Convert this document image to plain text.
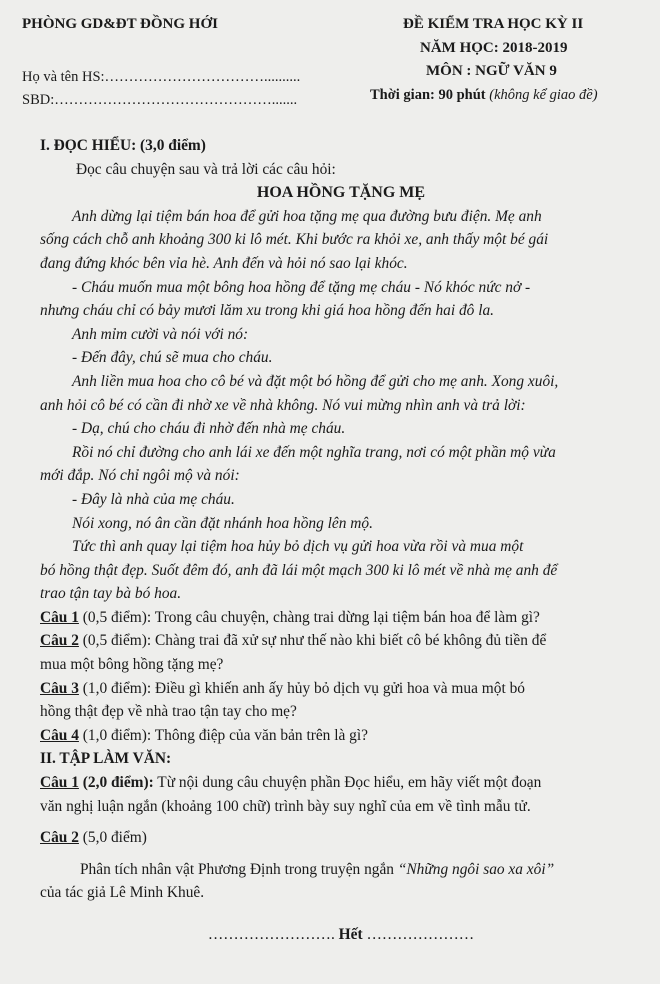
PHÒNG GD&ĐT ĐỒNG HỚI	ĐỀ KIỂM TRA HỌC KỲ II
NĂM HỌC: 2018-2019
MÔN : NGỮ VĂN 9
Họ và tên HS:……………………………..........
SBD:……………………………………….......	Thời gian: 90 phút (không kể giao đề)
I. ĐỌC HIỂU: (3,0 điểm)
Đọc câu chuyện sau và trả lời các câu hỏi:
HOA HỒNG TẶNG MẸ
Anh dừng lại tiệm bán hoa để gửi hoa tặng mẹ qua đường bưu điện. Mẹ anh
sống cách chỗ anh khoảng 300 ki lô mét. Khi bước ra khỏi xe, anh thấy một bé gái
đang đứng khóc bên vỉa hè. Anh đến và hỏi nó sao lại khóc.
- Cháu muốn mua một bông hoa hồng để tặng mẹ cháu - Nó khóc nức nở -
nhưng cháu chỉ có bảy mươi lăm xu trong khi giá hoa hồng đến hai đô la.
Anh mỉm cười và nói với nó:
- Đến đây, chú sẽ mua cho cháu.
Anh liền mua hoa cho cô bé và đặt một bó hồng để gửi cho mẹ anh. Xong xuôi,
anh hỏi cô bé có cần đi nhờ xe về nhà không. Nó vui mừng nhìn anh và trả lời:
- Dạ, chú cho cháu đi nhờ đến nhà mẹ cháu.
Rồi nó chỉ đường cho anh lái xe đến một nghĩa trang, nơi có một phần mộ vừa
mới đắp. Nó chỉ ngôi mộ và nói:
- Đây là nhà của mẹ cháu.
Nói xong, nó ân cần đặt nhánh hoa hồng lên mộ.
Tức thì anh quay lại tiệm hoa hủy bỏ dịch vụ gửi hoa vừa rồi và mua một
bó hồng thật đẹp. Suốt đêm đó, anh đã lái một mạch 300 ki lô mét về nhà mẹ anh để
trao tận tay bà bó hoa.
Câu 1 (0,5 điểm): Trong câu chuyện, chàng trai dừng lại tiệm bán hoa để làm gì?
Câu 2 (0,5 điểm): Chàng trai đã xử sự như thế nào khi biết cô bé không đủ tiền để
mua một bông hồng tặng mẹ?
Câu 3 (1,0 điểm): Điều gì khiến anh ấy hủy bỏ dịch vụ gửi hoa và mua một bó
hồng thật đẹp về nhà trao tận tay cho mẹ?
Câu 4 (1,0 điểm): Thông điệp của văn bản trên là gì?
II. TẬP LÀM VĂN:
Câu 1 (2,0 điểm): Từ nội dung câu chuyện phần Đọc hiểu, em hãy viết một đoạn
văn nghị luận ngắn (khoảng 100 chữ) trình bày suy nghĩ của em về tình mẫu tử.
Câu 2 (5,0 điểm)
Phân tích nhân vật Phương Định trong truyện ngắn “Những ngôi sao xa xôi”
của tác giả Lê Minh Khuê.
……………………. Hết …………………
